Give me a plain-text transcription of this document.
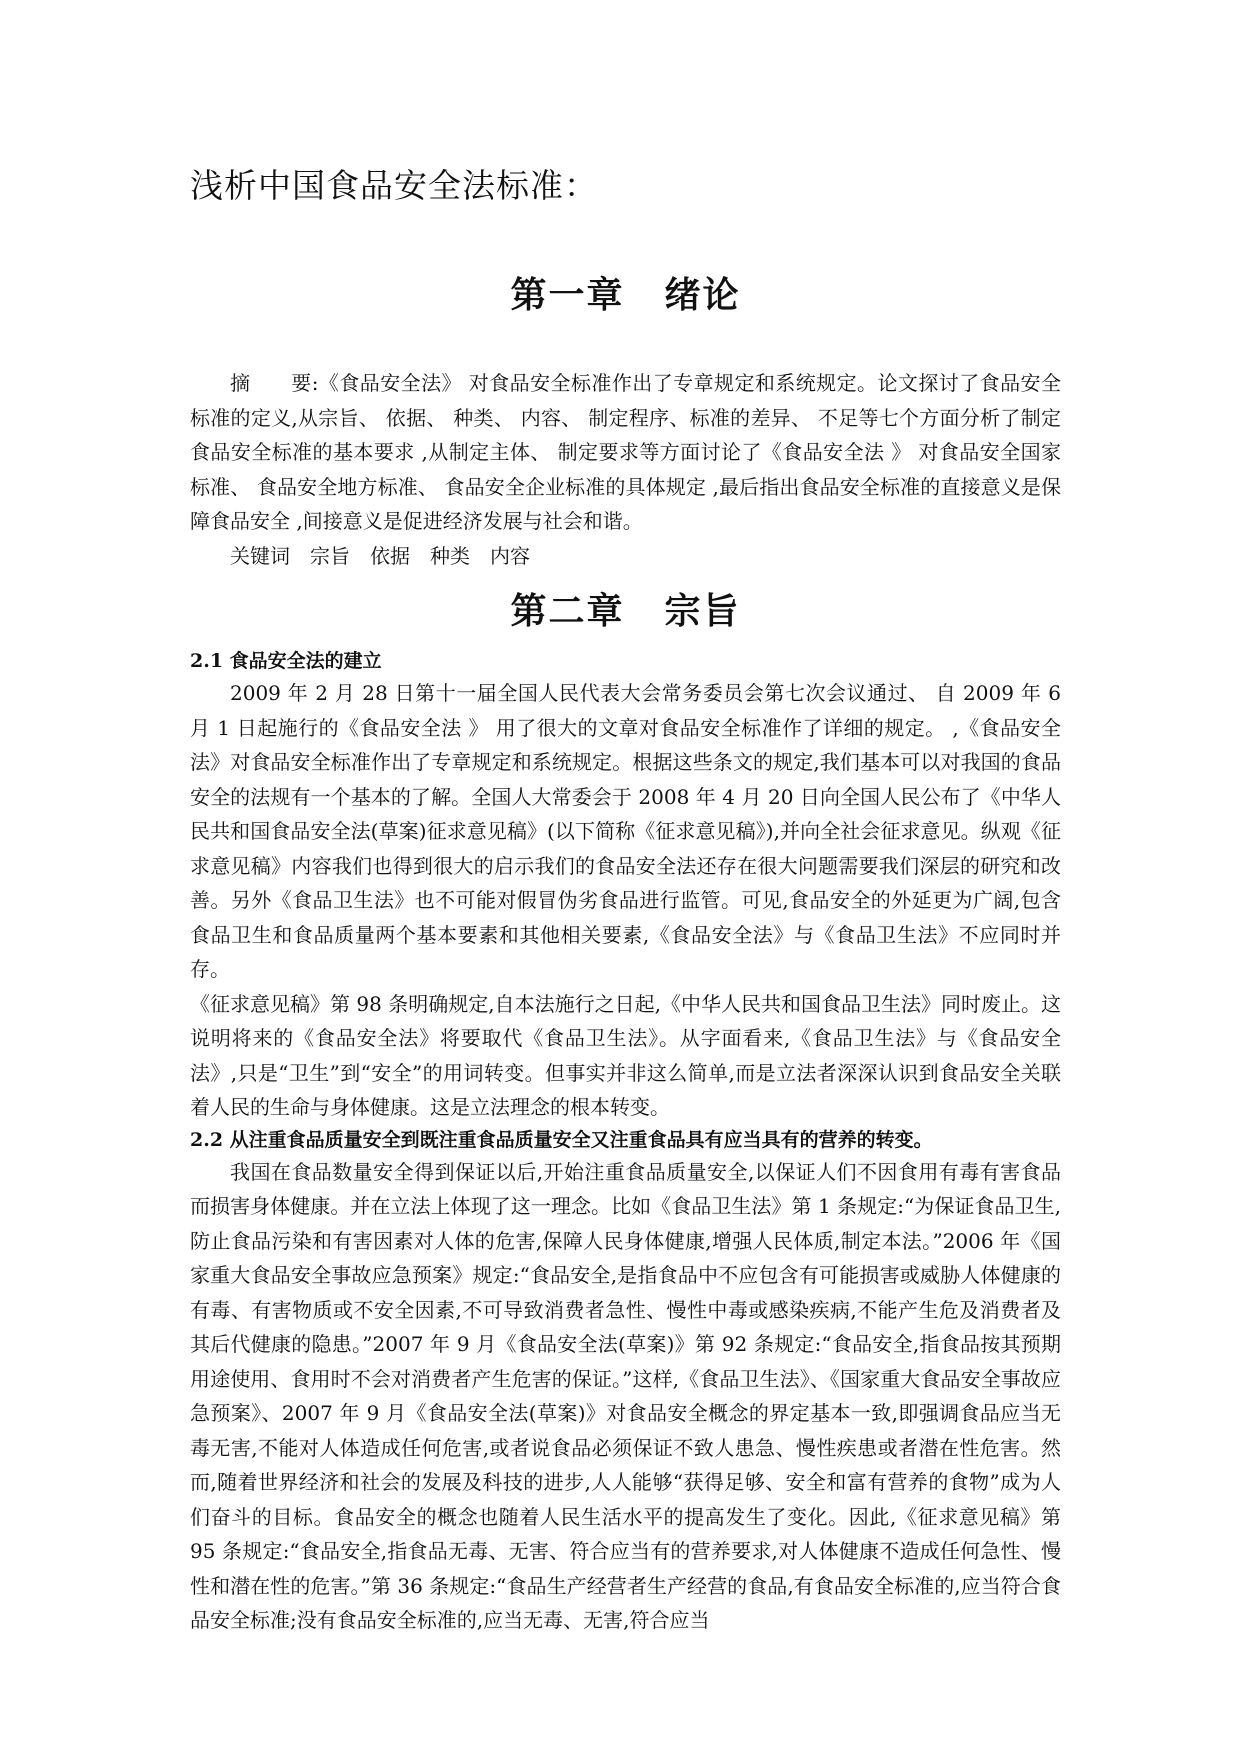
浅析中国食品安全法标准：
第一章 绪论

摘　　要:《食品安全法》 对食品安全标准作出了专章规定和系统规定。论文探讨了食品安全标准的定义,从宗旨、 依据、 种类、 内容、 制定程序、标准的差异、 不足等七个方面分析了制定食品安全标准的基本要求 ,从制定主体、 制定要求等方面讨论了《食品安全法 》 对食品安全国家标准、 食品安全地方标准、 食品安全企业标准的具体规定 ,最后指出食品安全标准的直接意义是保障食品安全 ,间接意义是促进经济发展与社会和谐。

关键词　宗旨　依据　种类　内容

第二章 宗旨
2.1 食品安全法的建立

2009 年 2 月 28 日第十一届全国人民代表大会常务委员会第七次会议通过、 自 2009 年 6 月 1 日起施行的《食品安全法 》 用了很大的文章对食品安全标准作了详细的规定。 ,《食品安全法》对食品安全标准作出了专章规定和系统规定。根据这些条文的规定,我们基本可以对我国的食品安全的法规有一个基本的了解。全国人大常委会于 2008 年 4 月 20 日向全国人民公布了《中华人民共和国食品安全法(草案)征求意见稿》(以下简称《征求意见稿》),并向全社会征求意见。纵观《征求意见稿》内容我们也得到很大的启示我们的食品安全法还存在很大问题需要我们深层的研究和改善。另外《食品卫生法》也不可能对假冒伪劣食品进行监管。可见,食品安全的外延更为广阔,包含食品卫生和食品质量两个基本要素和其他相关要素,《食品安全法》与《食品卫生法》不应同时并存。

《征求意见稿》第 98 条明确规定,自本法施行之日起,《中华人民共和国食品卫生法》同时废止。这说明将来的《食品安全法》将要取代《食品卫生法》。从字面看来,《食品卫生法》与《食品安全法》,只是“卫生”到“安全”的用词转变。但事实并非这么简单,而是立法者深深认识到食品安全关联着人民的生命与身体健康。这是立法理念的根本转变。

2.2 从注重食品质量安全到既注重食品质量安全又注重食品具有应当具有的营养的转变。

我国在食品数量安全得到保证以后,开始注重食品质量安全,以保证人们不因食用有毒有害食品而损害身体健康。并在立法上体现了这一理念。比如《食品卫生法》第 1 条规定:“为保证食品卫生,防止食品污染和有害因素对人体的危害,保障人民身体健康,增强人民体质,制定本法。”2006 年《国家重大食品安全事故应急预案》规定:“食品安全,是指食品中不应包含有可能损害或威胁人体健康的有毒、有害物质或不安全因素,不可导致消费者急性、慢性中毒或感染疾病,不能产生危及消费者及其后代健康的隐患。”2007 年 9 月《食品安全法(草案)》第 92 条规定:“食品安全,指食品按其预期用途使用、食用时不会对消费者产生危害的保证。”这样,《食品卫生法》、《国家重大食品安全事故应急预案》、2007 年 9 月《食品安全法(草案)》对食品安全概念的界定基本一致,即强调食品应当无毒无害,不能对人体造成任何危害,或者说食品必须保证不致人患急、慢性疾患或者潜在性危害。然而,随着世界经济和社会的发展及科技的进步,人人能够“获得足够、安全和富有营养的食物”成为人们奋斗的目标。食品安全的概念也随着人民生活水平的提高发生了变化。因此,《征求意见稿》第 95 条规定:“食品安全,指食品无毒、无害、符合应当有的营养要求,对人体健康不造成任何急性、慢性和潜在性的危害。”第 36 条规定:“食品生产经营者生产经营的食品,有食品安全标准的,应当符合食品安全标准;没有食品安全标准的,应当无毒、无害,符合应当
